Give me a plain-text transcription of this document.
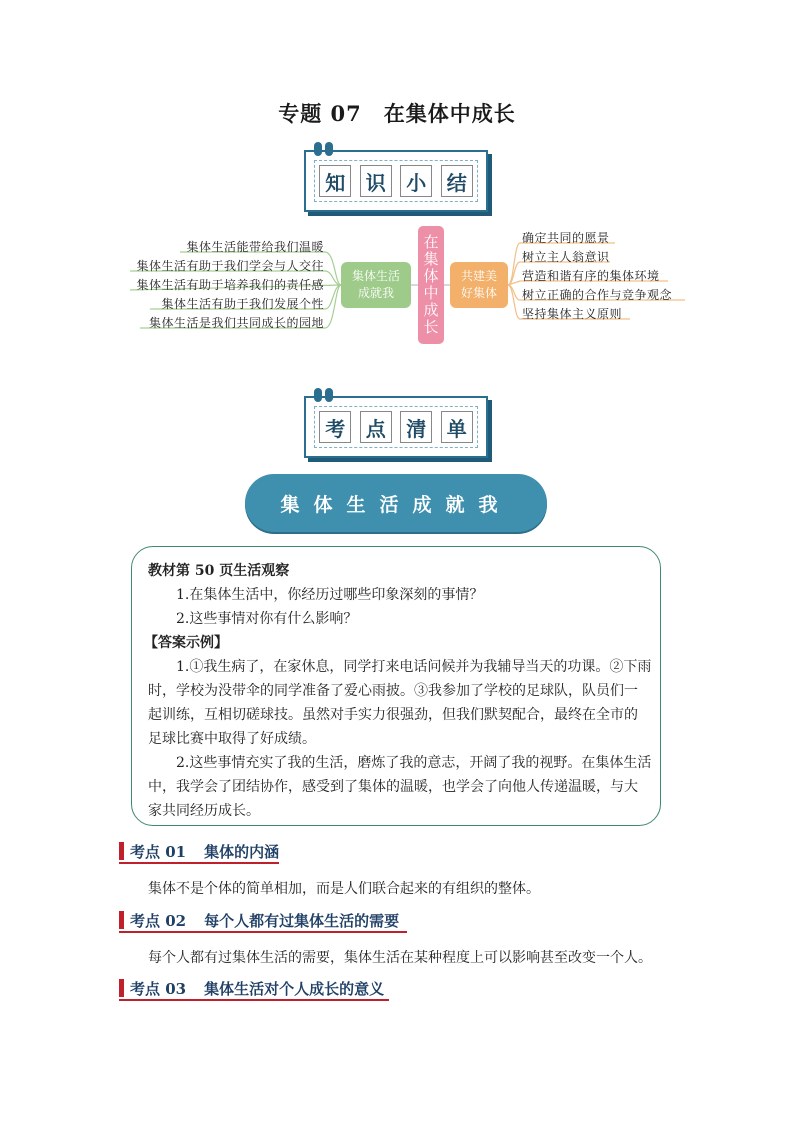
专题 07 在集体中成长
知	识	小	结
集体生活能带给我们温暖
集体生活有助于我们学会与人交往
集体生活有助于培养我们的责任感
集体生活有助于我们发展个性
集体生活是我们共同成长的园地
集体生活成就我	在集体中成长	共建美好集体
确定共同的愿景
树立主人翁意识
营造和谐有序的集体环境
树立正确的合作与竞争观念
坚持集体主义原则
考	点	清	单
集体生活成就我
教材第 50 页生活观察
1.在集体生活中，你经历过哪些印象深刻的事情？
2.这些事情对你有什么影响？
【答案示例】
1.①我生病了，在家休息，同学打来电话问候并为我辅导当天的功课。②下雨
时，学校为没带伞的同学准备了爱心雨披。③我参加了学校的足球队，队员们一
起训练，互相切磋球技。虽然对手实力很强劲，但我们默契配合，最终在全市的
足球比赛中取得了好成绩。
2.这些事情充实了我的生活，磨炼了我的意志，开阔了我的视野。在集体生活
中，我学会了团结协作，感受到了集体的温暖，也学会了向他人传递温暖，与大
家共同经历成长。
考点 01 集体的内涵
集体不是个体的简单相加，而是人们联合起来的有组织的整体。
考点 02 每个人都有过集体生活的需要
每个人都有过集体生活的需要，集体生活在某种程度上可以影响甚至改变一个人。
考点 03 集体生活对个人成长的意义
